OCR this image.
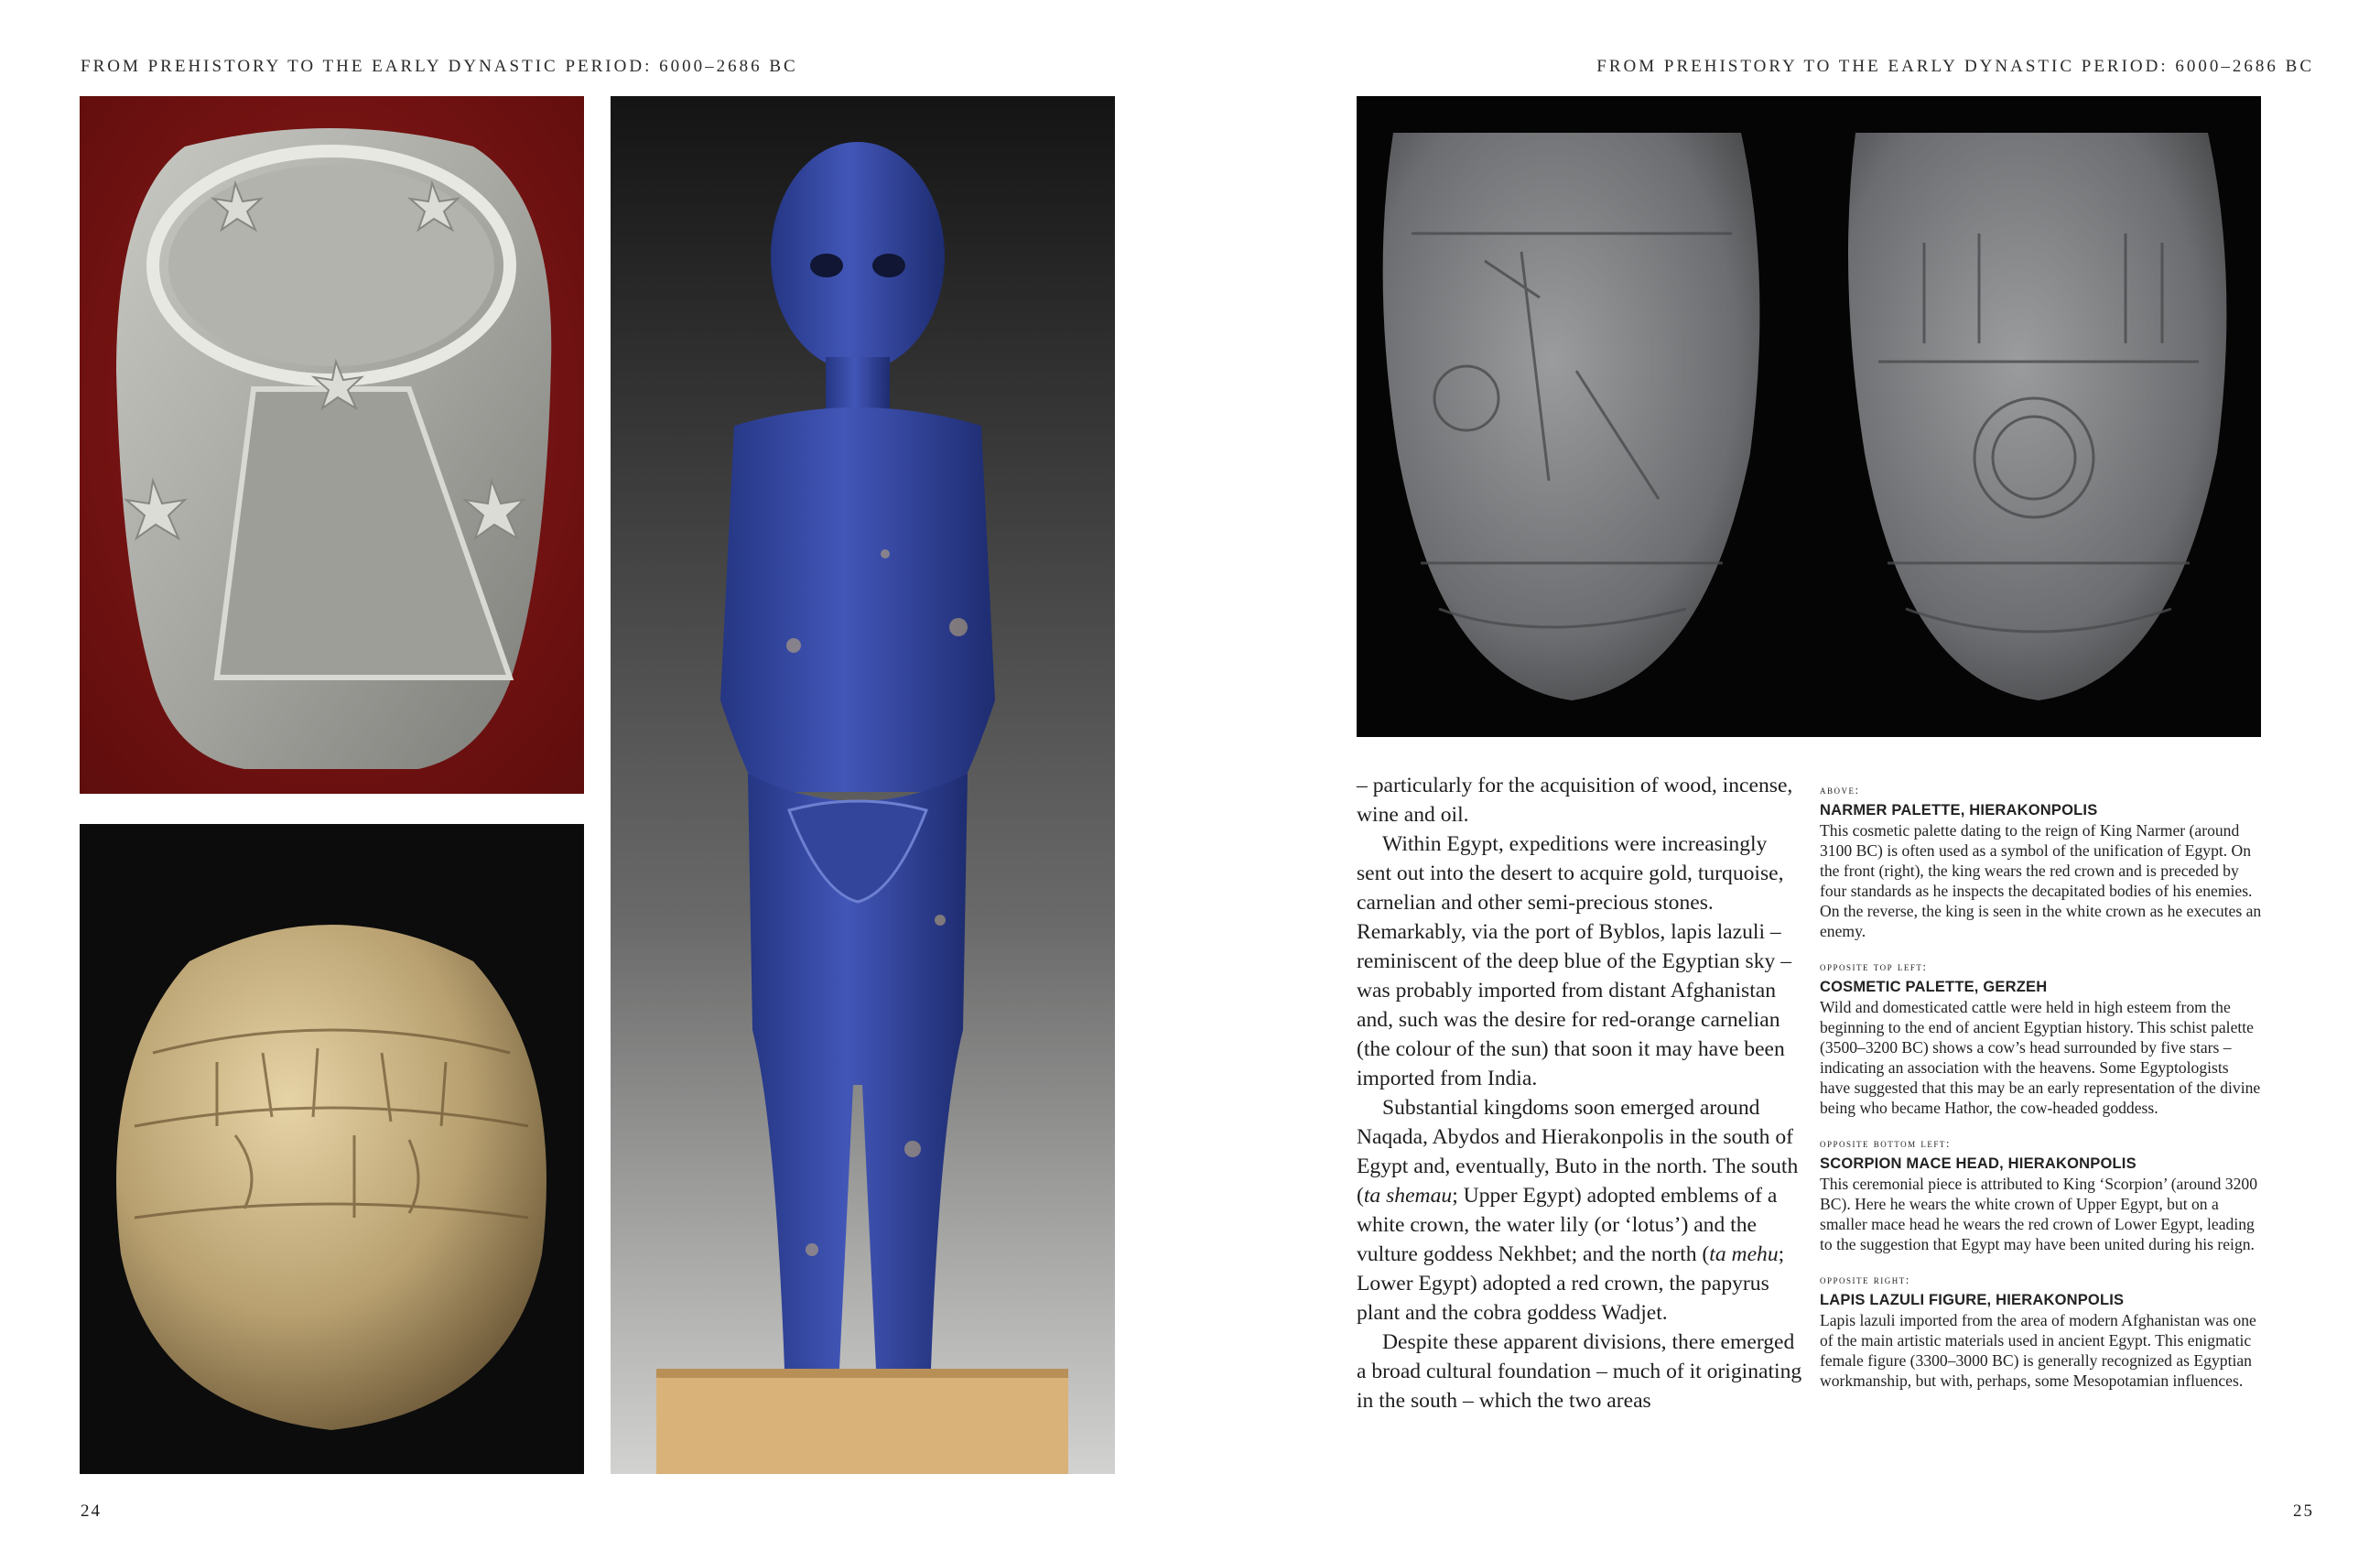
FROM PREHISTORY TO THE EARLY DYNASTIC PERIOD: 6000–2686 BC	FROM PREHISTORY TO THE EARLY DYNASTIC PERIOD: 6000–2686 BC

– particularly for the acquisition of wood, incense, wine and oil.

Within Egypt, expeditions were increasingly sent out into the desert to acquire gold, turquoise, carnelian and other semi-precious stones. Remarkably, via the port of Byblos, lapis lazuli – reminiscent of the deep blue of the Egyptian sky – was probably imported from distant Afghanistan and, such was the desire for red-orange carnelian (the colour of the sun) that soon it may have been imported from India.

Substantial kingdoms soon emerged around Naqada, Abydos and Hierakonpolis in the south of Egypt and, eventually, Buto in the north. The south (ta shemau; Upper Egypt) adopted emblems of a white crown, the water lily (or ‘lotus’) and the vulture goddess Nekhbet; and the north (ta mehu; Lower Egypt) adopted a red crown, the papyrus plant and the cobra goddess Wadjet.

Despite these apparent divisions, there emerged a broad cultural foundation – much of it originating in the south – which the two areas

above:
NARMER PALETTE, HIERAKONPOLIS
This cosmetic palette dating to the reign of King Narmer (around 3100 BC) is often used as a symbol of the unification of Egypt. On the front (right), the king wears the red crown and is preceded by four standards as he inspects the decapitated bodies of his enemies. On the reverse, the king is seen in the white crown as he executes an enemy.
opposite top left:
COSMETIC PALETTE, GERZEH
Wild and domesticated cattle were held in high esteem from the beginning to the end of ancient Egyptian history. This schist palette (3500–3200 BC) shows a cow’s head surrounded by five stars – indicating an association with the heavens. Some Egyptologists have suggested that this may be an early representation of the divine being who became Hathor, the cow-headed goddess.
opposite bottom left:
SCORPION MACE HEAD, HIERAKONPOLIS
This ceremonial piece is attributed to King ‘Scorpion’ (around 3200 BC). Here he wears the white crown of Upper Egypt, but on a smaller mace head he wears the red crown of Lower Egypt, leading to the suggestion that Egypt may have been united during his reign.
opposite right:
LAPIS LAZULI FIGURE, HIERAKONPOLIS
Lapis lazuli imported from the area of modern Afghanistan was one of the main artistic materials used in ancient Egypt. This enigmatic female figure (3300–3000 BC) is generally recognized as Egyptian workmanship, but with, perhaps, some Mesopotamian influences.
24	25
